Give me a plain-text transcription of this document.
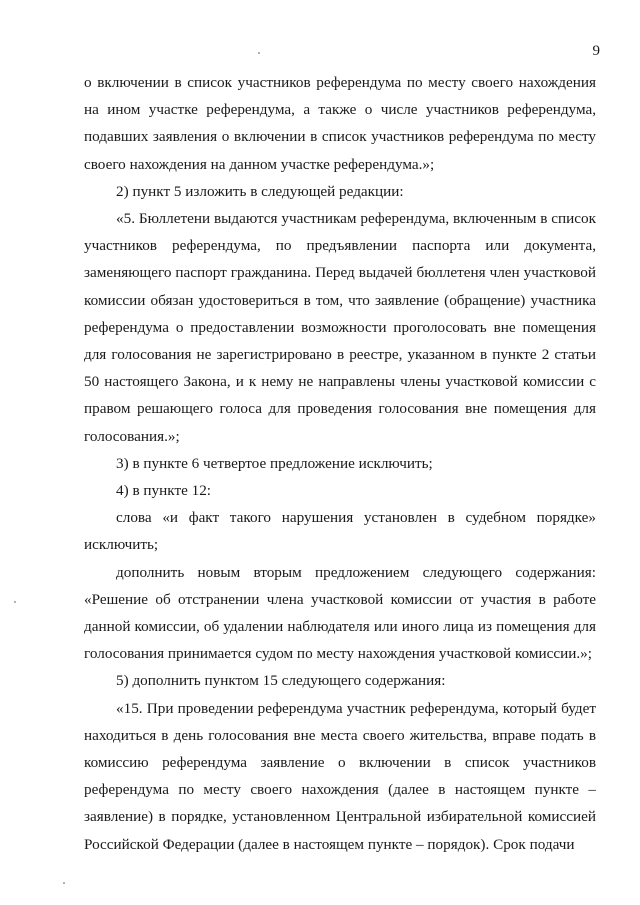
9

о включении в список участников референдума по месту своего нахождения на ином участке референдума, а также о числе участников референдума, подавших заявления о включении в список участников референдума по месту своего нахождения на данном участке референдума.»;

2) пункт 5 изложить в следующей редакции:

«5. Бюллетени выдаются участникам референдума, включенным в список участников референдума, по предъявлении паспорта или документа, заменяющего паспорт гражданина. Перед выдачей бюллетеня член участковой комиссии обязан удостовериться в том, что заявление (обращение) участника референдума о предоставлении возможности проголосовать вне помещения для голосования не зарегистрировано в реестре, указанном в пункте 2 статьи 50 настоящего Закона, и к нему не направлены члены участковой комиссии с правом решающего голоса для проведения голосования вне помещения для голосования.»;

3) в пункте 6 четвертое предложение исключить;

4) в пункте 12:

слова «и факт такого нарушения установлен в судебном порядке» исключить;

дополнить новым вторым предложением следующего содержания: «Решение об отстранении члена участковой комиссии от участия в работе данной комиссии, об удалении наблюдателя или иного лица из помещения для голосования принимается судом по месту нахождения участковой комиссии.»;

5) дополнить пунктом 15 следующего содержания:

«15. При проведении референдума участник референдума, который будет находиться в день голосования вне места своего жительства, вправе подать в комиссию референдума заявление о включении в список участников референдума по месту своего нахождения (далее в настоящем пункте – заявление) в порядке, установленном Центральной избирательной комиссией Российской Федерации (далее в настоящем пункте – порядок). Срок подачи
